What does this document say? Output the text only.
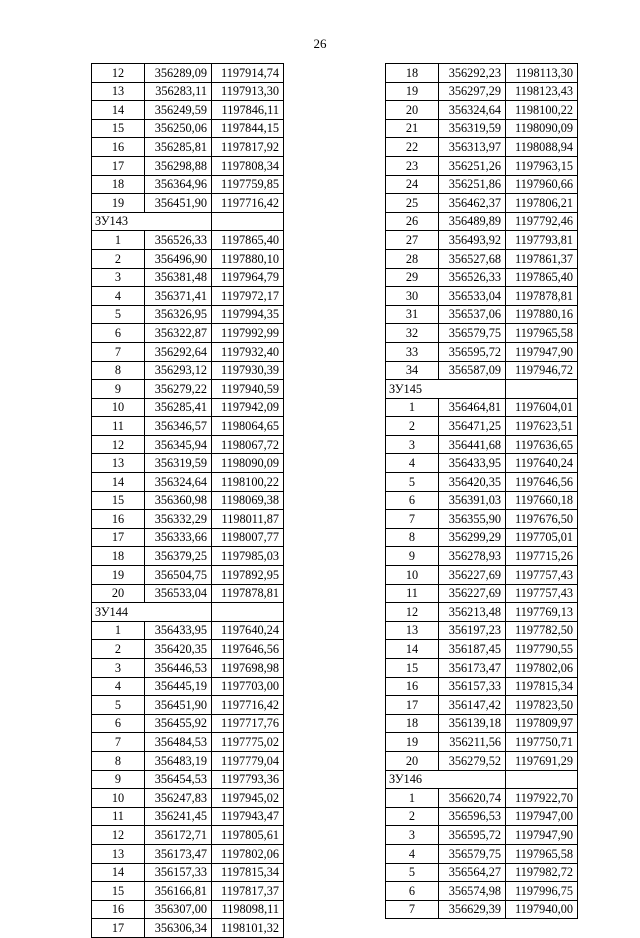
26
12	356289,09	1197914,74
13	356283,11	1197913,30
14	356249,59	1197846,11
15	356250,06	1197844,15
16	356285,81	1197817,92
17	356298,88	1197808,34
18	356364,96	1197759,85
19	356451,90	1197716,42
ЗУ143		
1	356526,33	1197865,40
2	356496,90	1197880,10
3	356381,48	1197964,79
4	356371,41	1197972,17
5	356326,95	1197994,35
6	356322,87	1197992,99
7	356292,64	1197932,40
8	356293,12	1197930,39
9	356279,22	1197940,59
10	356285,41	1197942,09
11	356346,57	1198064,65
12	356345,94	1198067,72
13	356319,59	1198090,09
14	356324,64	1198100,22
15	356360,98	1198069,38
16	356332,29	1198011,87
17	356333,66	1198007,77
18	356379,25	1197985,03
19	356504,75	1197892,95
20	356533,04	1197878,81
ЗУ144		
1	356433,95	1197640,24
2	356420,35	1197646,56
3	356446,53	1197698,98
4	356445,19	1197703,00
5	356451,90	1197716,42
6	356455,92	1197717,76
7	356484,53	1197775,02
8	356483,19	1197779,04
9	356454,53	1197793,36
10	356247,83	1197945,02
11	356241,45	1197943,47
12	356172,71	1197805,61
13	356173,47	1197802,06
14	356157,33	1197815,34
15	356166,81	1197817,37
16	356307,00	1198098,11
17	356306,34	1198101,32
18	356292,23	1198113,30
19	356297,29	1198123,43
20	356324,64	1198100,22
21	356319,59	1198090,09
22	356313,97	1198088,94
23	356251,26	1197963,15
24	356251,86	1197960,66
25	356462,37	1197806,21
26	356489,89	1197792,46
27	356493,92	1197793,81
28	356527,68	1197861,37
29	356526,33	1197865,40
30	356533,04	1197878,81
31	356537,06	1197880,16
32	356579,75	1197965,58
33	356595,72	1197947,90
34	356587,09	1197946,72
ЗУ145		
1	356464,81	1197604,01
2	356471,25	1197623,51
3	356441,68	1197636,65
4	356433,95	1197640,24
5	356420,35	1197646,56
6	356391,03	1197660,18
7	356355,90	1197676,50
8	356299,29	1197705,01
9	356278,93	1197715,26
10	356227,69	1197757,43
11	356227,69	1197757,43
12	356213,48	1197769,13
13	356197,23	1197782,50
14	356187,45	1197790,55
15	356173,47	1197802,06
16	356157,33	1197815,34
17	356147,42	1197823,50
18	356139,18	1197809,97
19	356211,56	1197750,71
20	356279,52	1197691,29
ЗУ146		
1	356620,74	1197922,70
2	356596,53	1197947,00
3	356595,72	1197947,90
4	356579,75	1197965,58
5	356564,27	1197982,72
6	356574,98	1197996,75
7	356629,39	1197940,00
